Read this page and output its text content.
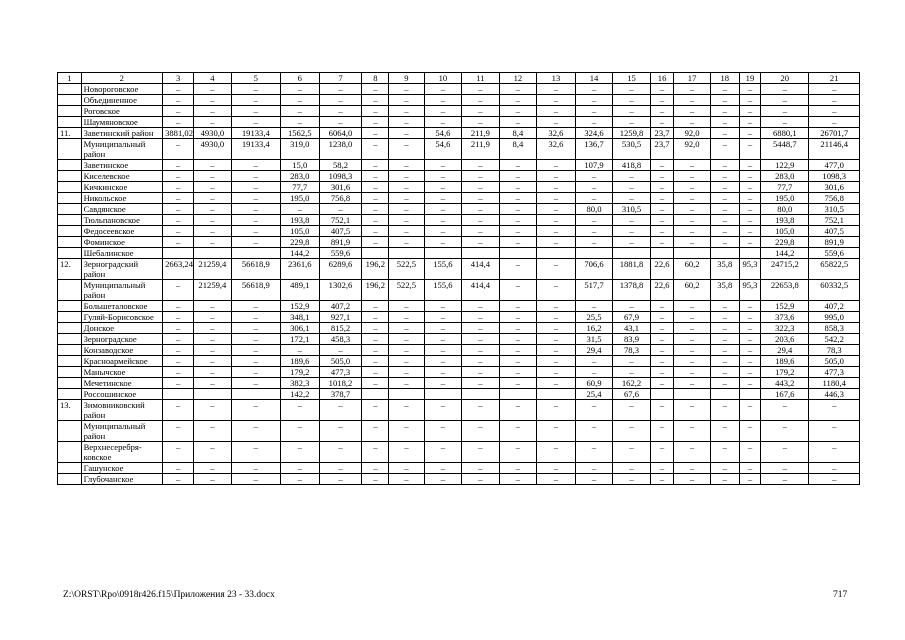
1	2	3	4	5	6	7	8	9	10	11	12	13	14	15	16	17	18	19	20	21
	Новороговское	–	–	–	–	–	–	–	–	–	–	–	–	–	–	–	–	–	–	–
	Объединенное	–	–	–	–	–	–	–	–	–	–	–	–	–	–	–	–	–	–	–
	Роговское	–	–	–	–	–	–	–	–	–	–	–	–	–	–	–	–	–	–	–
	Шаумяновское	–	–	–	–	–	–	–	–	–	–	–	–	–	–	–	–	–	–	–
11.	Заветинский район	3881,02	4930,0	19133,4	1562,5	6064,0	–	–	54,6	211,9	8,4	32,6	324,6	1259,8	23,7	92,0	–	–	6880,1	26701,7
	Муниципальный район	–	4930,0	19133,4	319,0	1238,0	–	–	54,6	211,9	8,4	32,6	136,7	530,5	23,7	92,0	–	–	5448,7	21146,4
	Заветинское	–	–	–	15,0	58,2	–	–	–	–	–	–	107,9	418,8	–	–	–	–	122,9	477,0
	Киселевское	–	–	–	283,0	1098,3	–	–	–	–	–	–	–	–	–	–	–	–	283,0	1098,3
	Кичкинское	–	–	–	77,7	301,6	–	–	–	–	–	–	–	–	–	–	–	–	77,7	301,6
	Никольское	–	–	–	195,0	756,8	–	–	–	–	–	–	–	–	–	–	–	–	195,0	756,8
	Савдянское	–	–	–	–	–	–	–	–	–	–	–	80,0	310,5	–	–	–	–	80,0	310,5
	Тюльпановское	–	–	–	193,8	752,1	–	–	–	–	–	–	–	–	–	–	–	–	193,8	752,1
	Федосеевское	–	–	–	105,0	407,5	–	–	–	–	–	–	–	–	–	–	–	–	105,0	407,5
	Фоминское	–	–	–	229,8	891,9	–	–	–	–	–	–	–	–	–	–	–	–	229,8	891,9
	Шебалинское				144,2	559,6													144,2	559,6
12.	Зерноградский район	2663,24	21259,4	56618,9	2361,6	6289,6	196,2	522,5	155,6	414,4	–	–	706,6	1881,8	22,6	60,2	35,8	95,3	24715,2	65822,5
	Муниципальный район	–	21259,4	56618,9	489,1	1302,6	196,2	522,5	155,6	414,4	–	–	517,7	1378,8	22,6	60,2	35,8	95,3	22653,8	60332,5
	Большеталовское	–	–	–	152,9	407,2	–	–	–	–	–	–	–	–	–	–	–	–	152,9	407,2
	Гуляй-Борисовское	–	–	–	348,1	927,1	–	–	–	–	–	–	25,5	67,9	–	–	–	–	373,6	995,0
	Донское	–	–	–	306,1	815,2	–	–	–	–	–	–	16,2	43,1	–	–	–	–	322,3	858,3
	Зерноградское	–	–	–	172,1	458,3	–	–	–	–	–	–	31,5	83,9	–	–	–	–	203,6	542,2
	Конзаводское	–	–	–	–	–	–	–	–	–	–	–	29,4	78,3	–	–	–	–	29,4	78,3
	Красноармейское	–	–	–	189,6	505,0	–	–	–	–	–	–	–	–	–	–	–	–	189,6	505,0
	Манычское	–	–	–	179,2	477,3	–	–	–	–	–	–	–	–	–	–	–	–	179,2	477,3
	Мечетинское	–	–	–	382,3	1018,2	–	–	–	–	–	–	60,9	162,2	–	–	–	–	443,2	1180,4
	Россошинское				142,2	378,7							25,4	67,6					167,6	446,3
13.	Зимовниковский район	–	–	–	–	–	–	–	–	–	–	–	–	–	–	–	–	–	–	–
	Муниципальный район	–	–	–	–	–	–	–	–	–	–	–	–	–	–	–	–	–	–	–
	Верхнесеребря-ковское	–	–	–	–	–	–	–	–	–	–	–	–	–	–	–	–	–	–	–
	Гашунское	–	–	–	–	–	–	–	–	–	–	–	–	–	–	–	–	–	–	–
	Глубочанское	–	–	–	–	–	–	–	–	–	–	–	–	–	–	–	–	–	–	–
Z:\ORST\Rpo\0918r426.f15\Приложения 23 - 33.docx	717
